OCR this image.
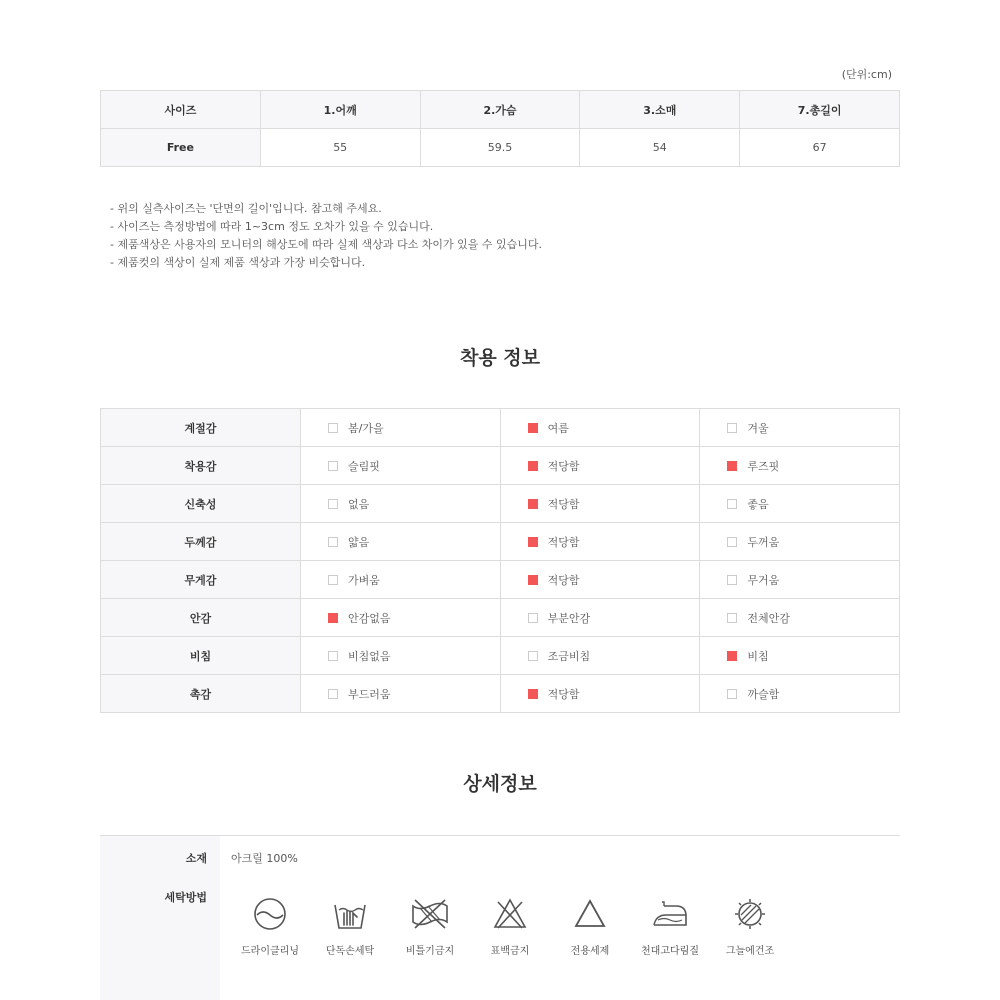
(단위:cm)
사이즈	1.어깨	2.가슴	3.소매	7.총길이
Free	55	59.5	54	67
- 위의 실측사이즈는 '단면의 길이'입니다. 참고해 주세요.
- 사이즈는 측정방법에 따라 1~3cm 정도 오차가 있을 수 있습니다.
- 제품색상은 사용자의 모니터의 해상도에 따라 실제 색상과 다소 차이가 있을 수 있습니다.
- 제품컷의 색상이 실제 제품 색상과 가장 비슷합니다.
착용 정보
계절감	봄/가을	여름	겨울
착용감	슬림핏	적당함	루즈핏
신축성	없음	적당함	좋음
두께감	얇음	적당함	두꺼움
무게감	가벼움	적당함	무거움
안감	안감없음	부분안감	전체안감
비침	비침없음	조금비침	비침
촉감	부드러움	적당함	까슬함
상세정보
소재 아크릴 100%
세탁방법
드라이클리닝	단독손세탁	비틀기금지	표백금지	전용세제	천대고다림질	그늘에건조
